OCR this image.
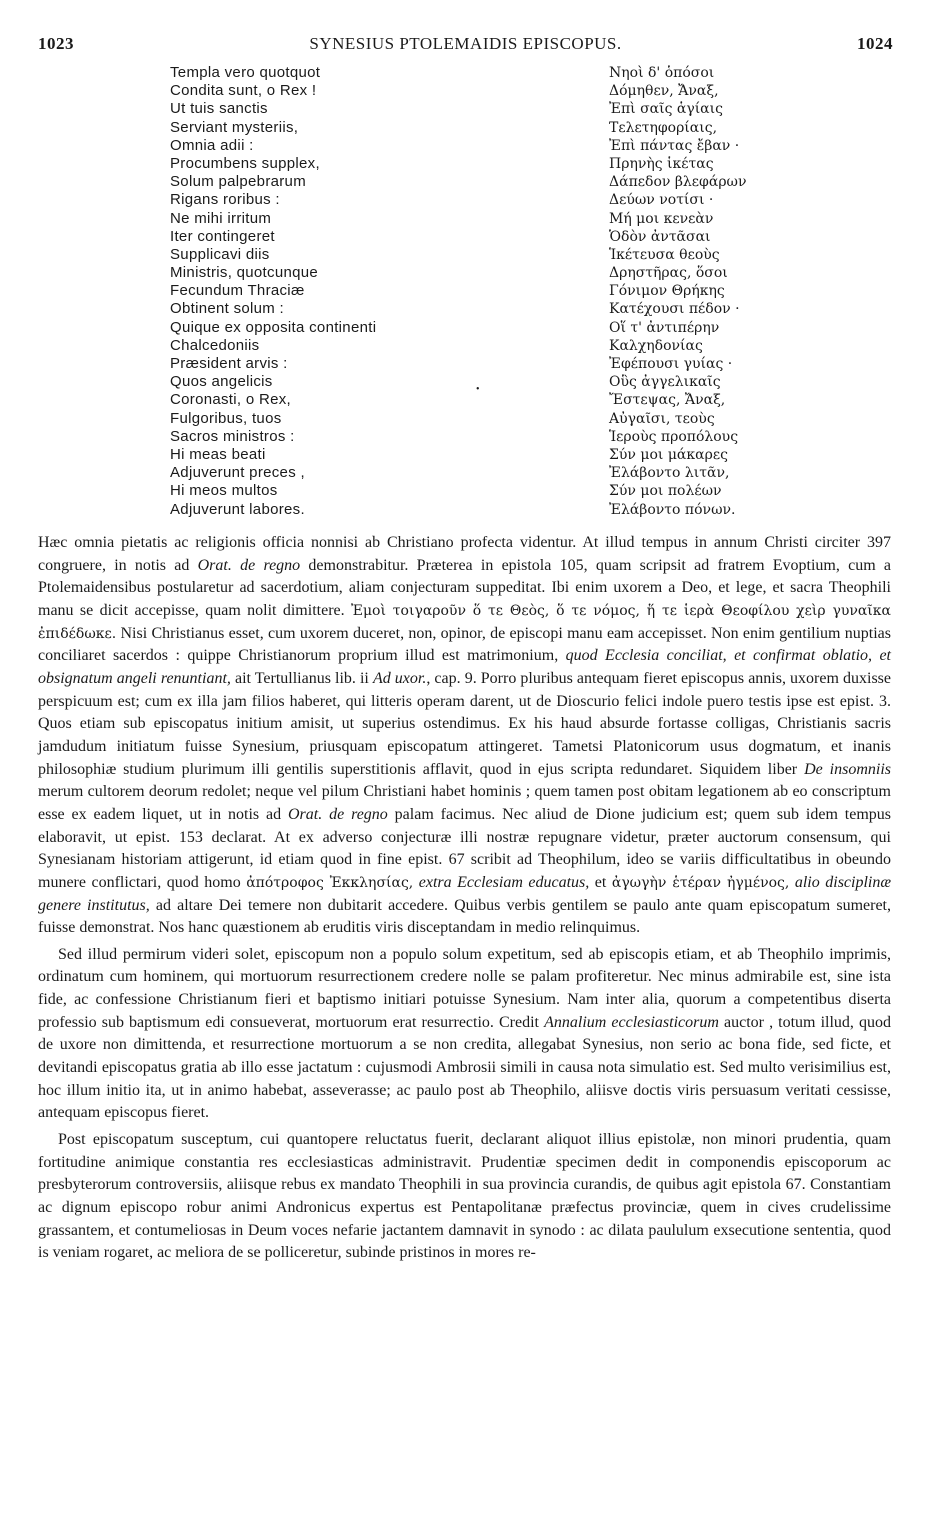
1023	SYNESIUS PTOLEMAIDIS EPISCOPUS.	1024
Templa vero quotquot
Condita sunt, o Rex !
Ut tuis sanctis
Serviant mysteriis,
Omnia adii :
Procumbens supplex,
Solum palpebrarum
Rigans roribus :
Ne mihi irritum
Iter contingeret
Supplicavi diis
Ministris, quotcunque
Fecundum Thraciæ
Obtinent solum :
Quique ex opposita continenti
Chalcedoniis
Præsident arvis :
Quos angelicis
Coronasti, o Rex,
Fulgoribus, tuos
Sacros ministros :
Hi meas beati
Adjuverunt preces ,
Hi meos multos
Adjuverunt labores.
Νηοὶ δ' ὁπόσοι
Δόμηθεν, Ἄναξ,
Ἐπὶ σαῖς ἁγίαις
Τελετηφορίαις,
Ἐπὶ πάντας ἔβαν ·
Πρηνὴς ἱκέτας
Δάπεδον βλεφάρων
Δεύων νοτίσι ·
Μή μοι κενεὰν
Ὁδὸν ἀντᾶσαι
Ἱκέτευσα θεοὺς
Δρηστῆρας, ὅσοι
Γόνιμον Θρήκης
Κατέχουσι πέδον ·
Οἵ τ' ἀντιπέρην
Καλχηδονίας
Ἐφέπουσι γυίας ·
Οὓς ἀγγελικαῖς
Ἔστεψας, Ἄναξ,
Αὐγαῖσι, τεοὺς
Ἱεροὺς προπόλους
Σύν μοι μάκαρες
Ἐλάβοντο λιτᾶν,
Σύν μοι πολέων
Ἐλάβοντο πόνων.
•

Hæc omnia pietatis ac religionis officia nonnisi ab Christiano profecta videntur. At illud tempus in annum Christi circiter 397 congruere, in notis ad Orat. de regno demonstrabitur. Præterea in epistola 105, quam scripsit ad fratrem Evoptium, cum a Ptolemaidensibus postularetur ad sacerdotium, aliam conjecturam suppeditat. Ibi enim uxorem a Deo, et lege, et sacra Theophili manu se dicit accepisse, quam nolit dimittere. Ἐμοὶ τοιγαροῦν ὅ τε Θεὸς, ὅ τε νόμος, ἥ τε ἱερὰ Θεοφίλου χεὶρ γυναῖκα ἐπιδέδωκε. Nisi Christianus esset, cum uxorem duceret, non, opinor, de episcopi manu eam accepisset. Non enim gentilium nuptias conciliaret sacerdos : quippe Christianorum proprium illud est matrimonium, quod Ecclesia conciliat, et confirmat oblatio, et obsignatum angeli renuntiant, ait Tertullianus lib. ii Ad uxor., cap. 9. Porro pluribus antequam fieret episcopus annis, uxorem duxisse perspicuum est; cum ex illa jam filios haberet, qui litteris operam darent, ut de Dioscurio felici indole puero testis ipse est epist. 3. Quos etiam sub episcopatus initium amisit, ut superius ostendimus. Ex his haud absurde fortasse colligas, Christianis sacris jamdudum initiatum fuisse Synesium, priusquam episcopatum attingeret. Tametsi Platonicorum usus dogmatum, et inanis philosophiæ studium plurimum illi gentilis superstitionis afflavit, quod in ejus scripta redundaret. Siquidem liber De insomniis merum cultorem deorum redolet; neque vel pilum Christiani habet hominis ; quem tamen post obitam legationem ab eo conscriptum esse ex eadem liquet, ut in notis ad Orat. de regno palam facimus. Nec aliud de Dione judicium est; quem sub idem tempus elaboravit, ut epist. 153 declarat. At ex adverso conjecturæ illi nostræ repugnare videtur, præter auctorum consensum, qui Synesianam historiam attigerunt, id etiam quod in fine epist. 67 scribit ad Theophilum, ideo se variis difficultatibus in obeundo munere conflictari, quod homo ἀπότροφος Ἐκκλησίας, extra Ecclesiam educatus, et ἀγωγὴν ἑτέραν ἠγμένος, alio disciplinæ genere institutus, ad altare Dei temere non dubitarit accedere. Quibus verbis gentilem se paulo ante quam episcopatum sumeret, fuisse demonstrat. Nos hanc quæstionem ab eruditis viris disceptandam in medio relinquimus.

Sed illud permirum videri solet, episcopum non a populo solum expetitum, sed ab episcopis etiam, et ab Theophilo imprimis, ordinatum cum hominem, qui mortuorum resurrectionem credere nolle se palam profiteretur. Nec minus admirabile est, sine ista fide, ac confessione Christianum fieri et baptismo initiari potuisse Synesium. Nam inter alia, quorum a competentibus diserta professio sub baptismum edi consueverat, mortuorum erat resurrectio. Credit Annalium ecclesiasticorum auctor , totum illud, quod de uxore non dimittenda, et resurrectione mortuorum a se non credita, allegabat Synesius, non serio ac bona fide, sed ficte, et devitandi episcopatus gratia ab illo esse jactatum : cujusmodi Ambrosii simili in causa nota simulatio est. Sed multo verisimilius est, hoc illum initio ita, ut in animo habebat, asseverasse; ac paulo post ab Theophilo, aliisve doctis viris persuasum veritati cessisse, antequam episcopus fieret.

Post episcopatum susceptum, cui quantopere reluctatus fuerit, declarant aliquot illius epistolæ, non minori prudentia, quam fortitudine animique constantia res ecclesiasticas administravit. Prudentiæ specimen dedit in componendis episcoporum ac presbyterorum controversiis, aliisque rebus ex mandato Theophili in sua provincia curandis, de quibus agit epistola 67. Constantiam ac dignum episcopo robur animi Andronicus expertus est Pentapolitanæ præfectus provinciæ, quem in cives crudelissime grassantem, et contumeliosas in Deum voces nefarie jactantem damnavit in synodo : ac dilata paululum exsecutione sententia, quod is veniam rogaret, ac meliora de se polliceretur, subinde pristinos in mores re-
